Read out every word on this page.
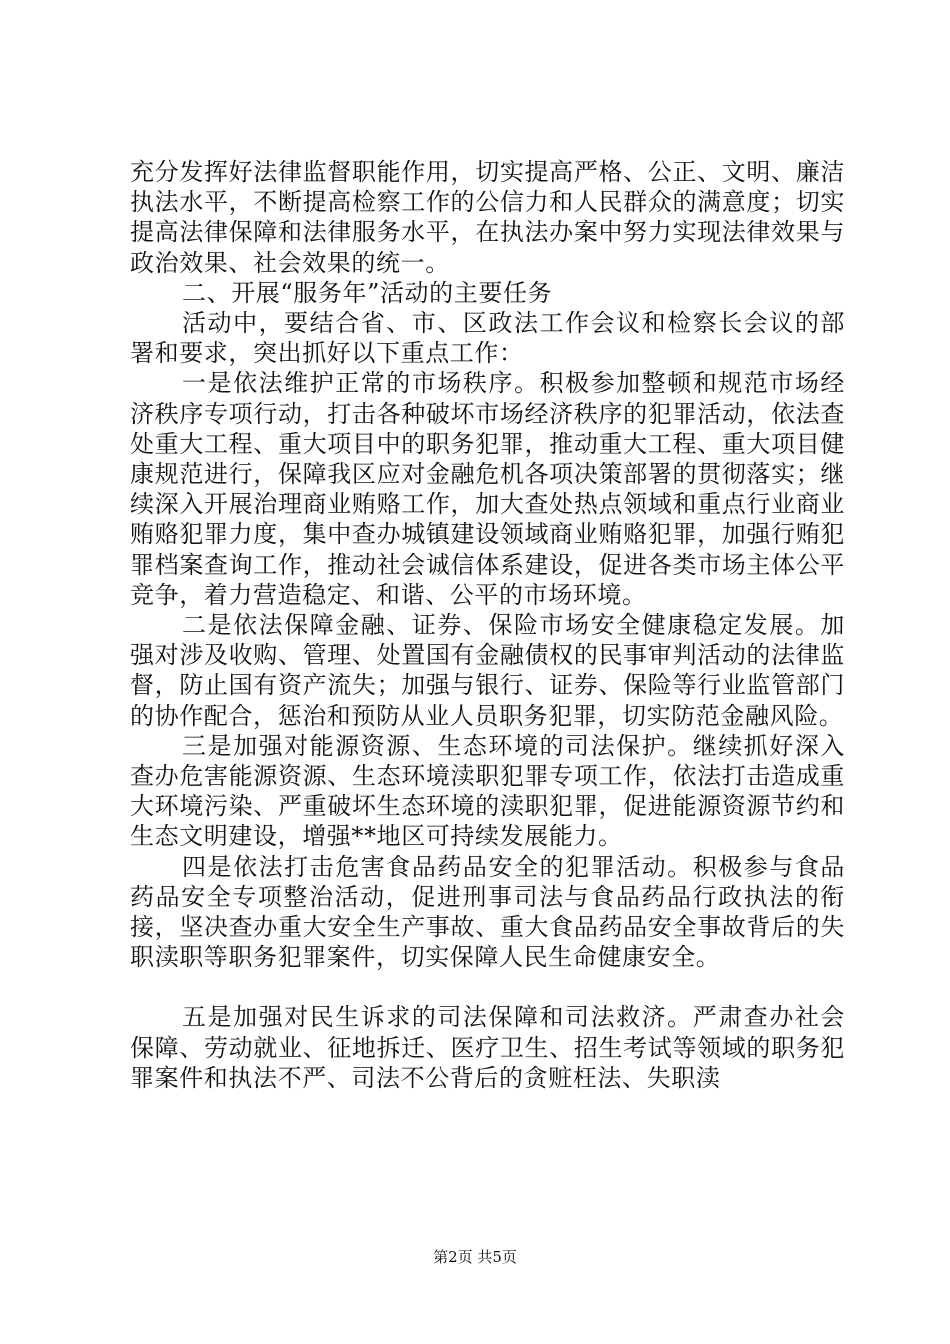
充分发挥好法律监督职能作用，切实提高严格、公正、文明、廉洁执法水平，不断提高检察工作的公信力和人民群众的满意度；切实提高法律保障和法律服务水平，在执法办案中努力实现法律效果与政治效果、社会效果的统一。

二、开展“服务年”活动的主要任务

活动中，要结合省、市、区政法工作会议和检察长会议的部署和要求，突出抓好以下重点工作：

一是依法维护正常的市场秩序。积极参加整顿和规范市场经济秩序专项行动，打击各种破坏市场经济秩序的犯罪活动，依法查处重大工程、重大项目中的职务犯罪，推动重大工程、重大项目健康规范进行，保障我区应对金融危机各项决策部署的贯彻落实；继续深入开展治理商业贿赂工作，加大查处热点领域和重点行业商业贿赂犯罪力度，集中查办城镇建设领域商业贿赂犯罪，加强行贿犯罪档案查询工作，推动社会诚信体系建设，促进各类市场主体公平竞争，着力营造稳定、和谐、公平的市场环境。

二是依法保障金融、证券、保险市场安全健康稳定发展。加强对涉及收购、管理、处置国有金融债权的民事审判活动的法律监督，防止国有资产流失；加强与银行、证券、保险等行业监管部门的协作配合，惩治和预防从业人员职务犯罪，切实防范金融风险。

三是加强对能源资源、生态环境的司法保护。继续抓好深入查办危害能源资源、生态环境渎职犯罪专项工作，依法打击造成重大环境污染、严重破坏生态环境的渎职犯罪，促进能源资源节约和生态文明建设，增强**地区可持续发展能力。

四是依法打击危害食品药品安全的犯罪活动。积极参与食品药品安全专项整治活动，促进刑事司法与食品药品行政执法的衔接，坚决查办重大安全生产事故、重大食品药品安全事故背后的失职渎职等职务犯罪案件，切实保障人民生命健康安全。

五是加强对民生诉求的司法保障和司法救济。严肃查办社会保障、劳动就业、征地拆迁、医疗卫生、招生考试等领域的职务犯罪案件和执法不严、司法不公背后的贪赃枉法、失职渎

第2页 共5页
